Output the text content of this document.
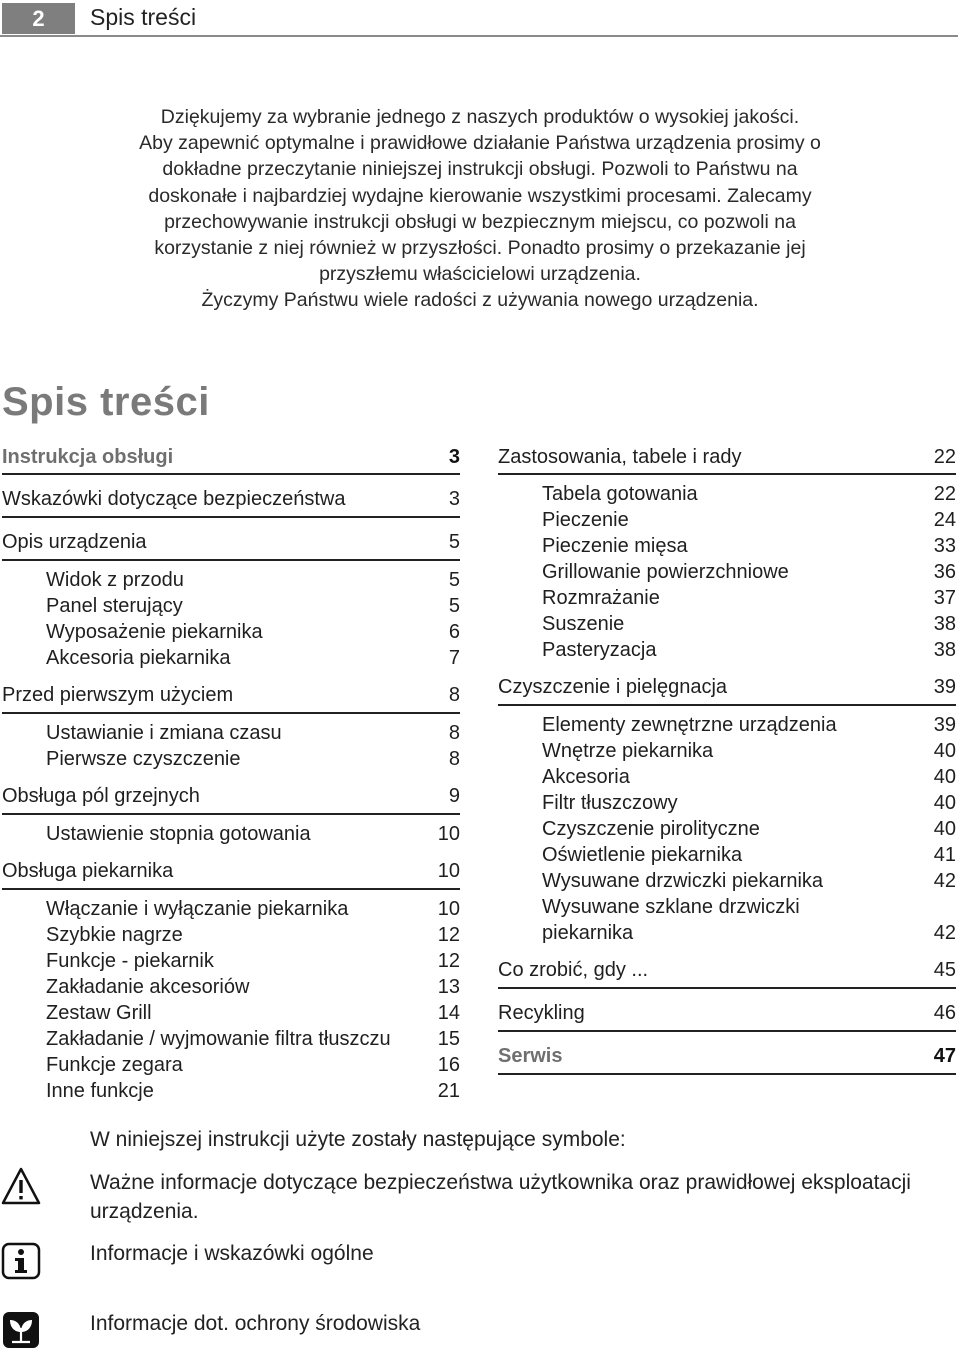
2	Spis treści
Dziękujemy za wybranie jednego z naszych produktów o wysokiej jakości.
Aby zapewnić optymalne i prawidłowe działanie Państwa urządzenia prosimy o
dokładne przeczytanie niniejszej instrukcji obsługi. Pozwoli to Państwu na
doskonałe i najbardziej wydajne kierowanie wszystkimi procesami. Zalecamy
przechowywanie instrukcji obsługi w bezpiecznym miejscu, co pozwoli na
korzystanie z niej również w przyszłości. Ponadto prosimy o przekazanie jej
przyszłemu właścicielowi urządzenia.
Życzymy Państwu wiele radości z używania nowego urządzenia.
Spis treści
Instrukcja obsługi	3
Wskazówki dotyczące bezpieczeństwa	3
Opis urządzenia	5
Widok z przodu	5
Panel sterujący	5
Wyposażenie piekarnika	6
Akcesoria piekarnika	7
Przed pierwszym użyciem	8
Ustawianie i zmiana czasu	8
Pierwsze czyszczenie	8
Obsługa pól grzejnych	9
Ustawienie stopnia gotowania	10
Obsługa piekarnika	10
Włączanie i wyłączanie piekarnika	10
Szybkie nagrze	12
Funkcje - piekarnik	12
Zakładanie akcesoriów	13
Zestaw Grill	14
Zakładanie / wyjmowanie filtra tłuszczu 15
Funkcje zegara	16
Inne funkcje	21
Zastosowania, tabele i rady	22
Tabela gotowania	22
Pieczenie	24
Pieczenie mięsa	33
Grillowanie powierzchniowe	36
Rozmrażanie	37
Suszenie	38
Pasteryzacja	38
Czyszczenie i pielęgnacja	39
Elementy zewnętrzne urządzenia	39
Wnętrze piekarnika	40
Akcesoria	40
Filtr tłuszczowy	40
Czyszczenie pirolityczne	40
Oświetlenie piekarnika	41
Wysuwane drzwiczki piekarnika	42
Wysuwane szklane drzwiczki piekarnika	42
Co zrobić, gdy ...	45
Recykling	46
Serwis	47
W niniejszej instrukcji użyte zostały następujące symbole:
Ważne informacje dotyczące bezpieczeństwa użytkownika oraz prawidłowej eksploatacji urządzenia.
Informacje i wskazówki ogólne
Informacje dot. ochrony środowiska
